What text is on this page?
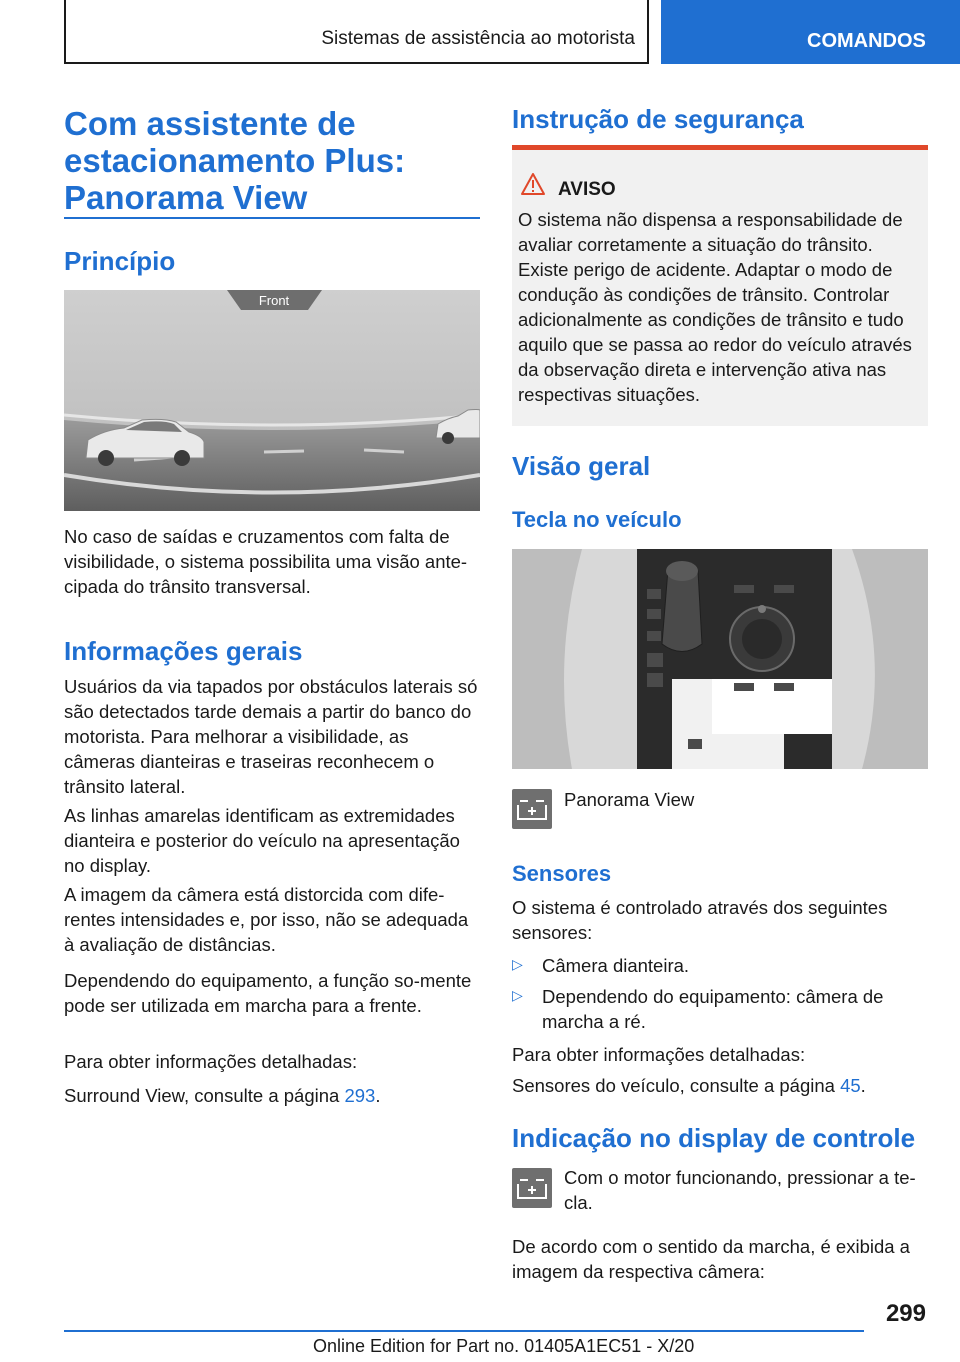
Sistemas de assistência ao motorista	COMANDOS
Com assistente de
estacionamento Plus:
Panorama View
Princípio
Front
No caso de saídas e cruzamentos com falta de visibilidade, o sistema possibilita uma visão ante-cipada do trânsito transversal.
Informações gerais
Usuários da via tapados por obstáculos laterais só são detectados tarde demais a partir do banco do motorista. Para melhorar a visibilidade, as câmeras dianteiras e traseiras reconhecem o trânsito lateral.
As linhas amarelas identificam as extremidades dianteira e posterior do veículo na apresentação no display.
A imagem da câmera está distorcida com dife-rentes intensidades e, por isso, não se adequada à avaliação de distâncias.
Dependendo do equipamento, a função so-mente pode ser utilizada em marcha para a frente.
Para obter informações detalhadas:
Surround View, consulte a página 293.
Instrução de segurança
AVISO
O sistema não dispensa a responsabilidade de avaliar corretamente a situação do trânsito. Existe perigo de acidente. Adaptar o modo de condução às condições de trânsito. Controlar adicionalmente as condições de trânsito e tudo aquilo que se passa ao redor do veículo através da observação direta e intervenção ativa nas respectivas situações.
Visão geral
Tecla no veículo
Panorama View
Sensores
O sistema é controlado através dos seguintes sensores:
▷ Câmera dianteira.
▷ Dependendo do equipamento: câmera de marcha a ré.
Para obter informações detalhadas:
Sensores do veículo, consulte a página 45.
Indicação no display de controle
Com o motor funcionando, pressionar a te-cla.
De acordo com o sentido da marcha, é exibida a imagem da respectiva câmera:
299
Online Edition for Part no. 01405A1EC51 - X/20
